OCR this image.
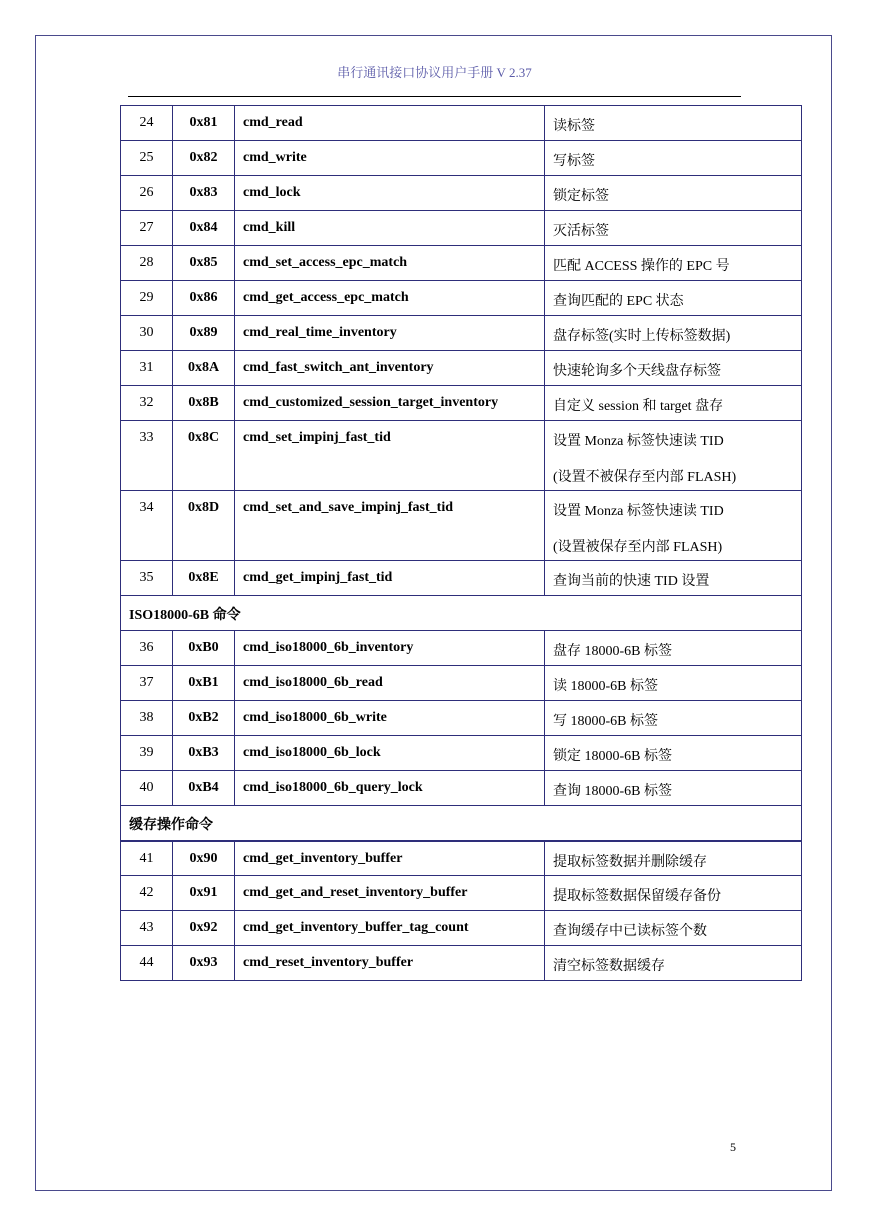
串行通讯接口协议用户手册 V 2.37
24	0x81	cmd_read	读标签

25	0x82	cmd_write	写标签

26	0x83	cmd_lock	锁定标签

27	0x84	cmd_kill	灭活标签

28	0x85	cmd_set_access_epc_match	匹配 ACCESS 操作的 EPC 号

29	0x86	cmd_get_access_epc_match	查询匹配的 EPC 状态

30	0x89	cmd_real_time_inventory	盘存标签(实时上传标签数据)

31	0x8A	cmd_fast_switch_ant_inventory	快速轮询多个天线盘存标签

32	0x8B	cmd_customized_session_target_inventory	自定义 session 和 target 盘存

33	0x8C	cmd_set_impinj_fast_tid	设置 Monza 标签快速读 TID
(设置不被保存至内部 FLASH)

34	0x8D	cmd_set_and_save_impinj_fast_tid	设置 Monza 标签快速读 TID
(设置被保存至内部 FLASH)

35	0x8E	cmd_get_impinj_fast_tid	查询当前的快速 TID 设置

ISO18000-6B 命令			
36	0xB0	cmd_iso18000_6b_inventory	盘存 18000-6B 标签

37	0xB1	cmd_iso18000_6b_read	读 18000-6B 标签

38	0xB2	cmd_iso18000_6b_write	写 18000-6B 标签

39	0xB3	cmd_iso18000_6b_lock	锁定 18000-6B 标签

40	0xB4	cmd_iso18000_6b_query_lock	查询 18000-6B 标签

缓存操作命令			
41	0x90	cmd_get_inventory_buffer	提取标签数据并删除缓存

42	0x91	cmd_get_and_reset_inventory_buffer	提取标签数据保留缓存备份

43	0x92	cmd_get_inventory_buffer_tag_count	查询缓存中已读标签个数

44	0x93	cmd_reset_inventory_buffer	清空标签数据缓存
5
